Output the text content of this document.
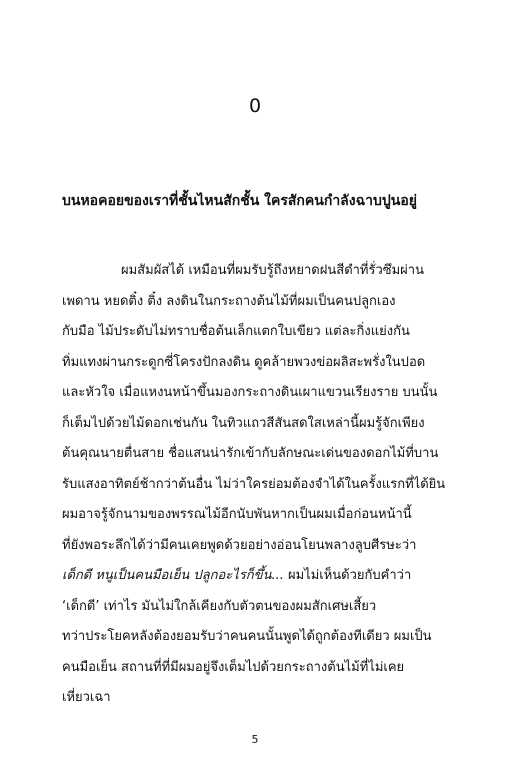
0
บนหอคอยของเราที่ชั้นไหนสักชั้น ใครสักคนกำลังฉาบปูนอยู่
ผมสัมผัสได้ เหมือนที่ผมรับรู้ถึงหยาดฝนสีดำที่รั่วซึมผ่าน
เพดาน หยดติ๋ง ติ๋ง ลงดินในกระถางต้นไม้ที่ผมเป็นคนปลูกเอง
กับมือ ไม้ประดับไม่ทราบชื่อต้นเล็กแตกใบเขียว แต่ละกิ่งแย่งกัน
ทิ่มแทงผ่านกระดูกซี่โครงปักลงดิน ดูคล้ายพวงข่อผลิสะพรั่งในปอด
และหัวใจ เมื่อแหงนหน้าขึ้นมองกระถางดินเผาแขวนเรียงราย บนนั้น
ก็เต็มไปด้วยไม้ดอกเช่นกัน ในทิวแถวสีสันสดใสเหล่านี้ผมรู้จักเพียง
ต้นคุณนายตื่นสาย ชื่อแสนน่ารักเข้ากับลักษณะเด่นของดอกไม้ที่บาน
รับแสงอาทิตย์ช้ากว่าต้นอื่น ไม่ว่าใครย่อมต้องจำได้ในครั้งแรกที่ได้ยิน
ผมอาจรู้จักนามของพรรณไม้อีกนับพันหากเป็นผมเมื่อก่อนหน้านี้
ที่ยังพอระลึกได้ว่ามีคนเคยพูดด้วยอย่างอ่อนโยนพลางลูบศีรษะว่า
เด็กดี หนูเป็นคนมือเย็น ปลูกอะไรก็ขึ้น... ผมไม่เห็นด้วยกับคำว่า
‘เด็กดี’ เท่าไร มันไม่ใกล้เคียงกับตัวตนของผมสักเศษเสี้ยว
ทว่าประโยคหลังต้องยอมรับว่าคนคนนั้นพูดได้ถูกต้องทีเดียว ผมเป็น
คนมือเย็น สถานที่ที่มีผมอยู่จึงเต็มไปด้วยกระถางต้นไม้ที่ไม่เคย
เหี่ยวเฉา
5
